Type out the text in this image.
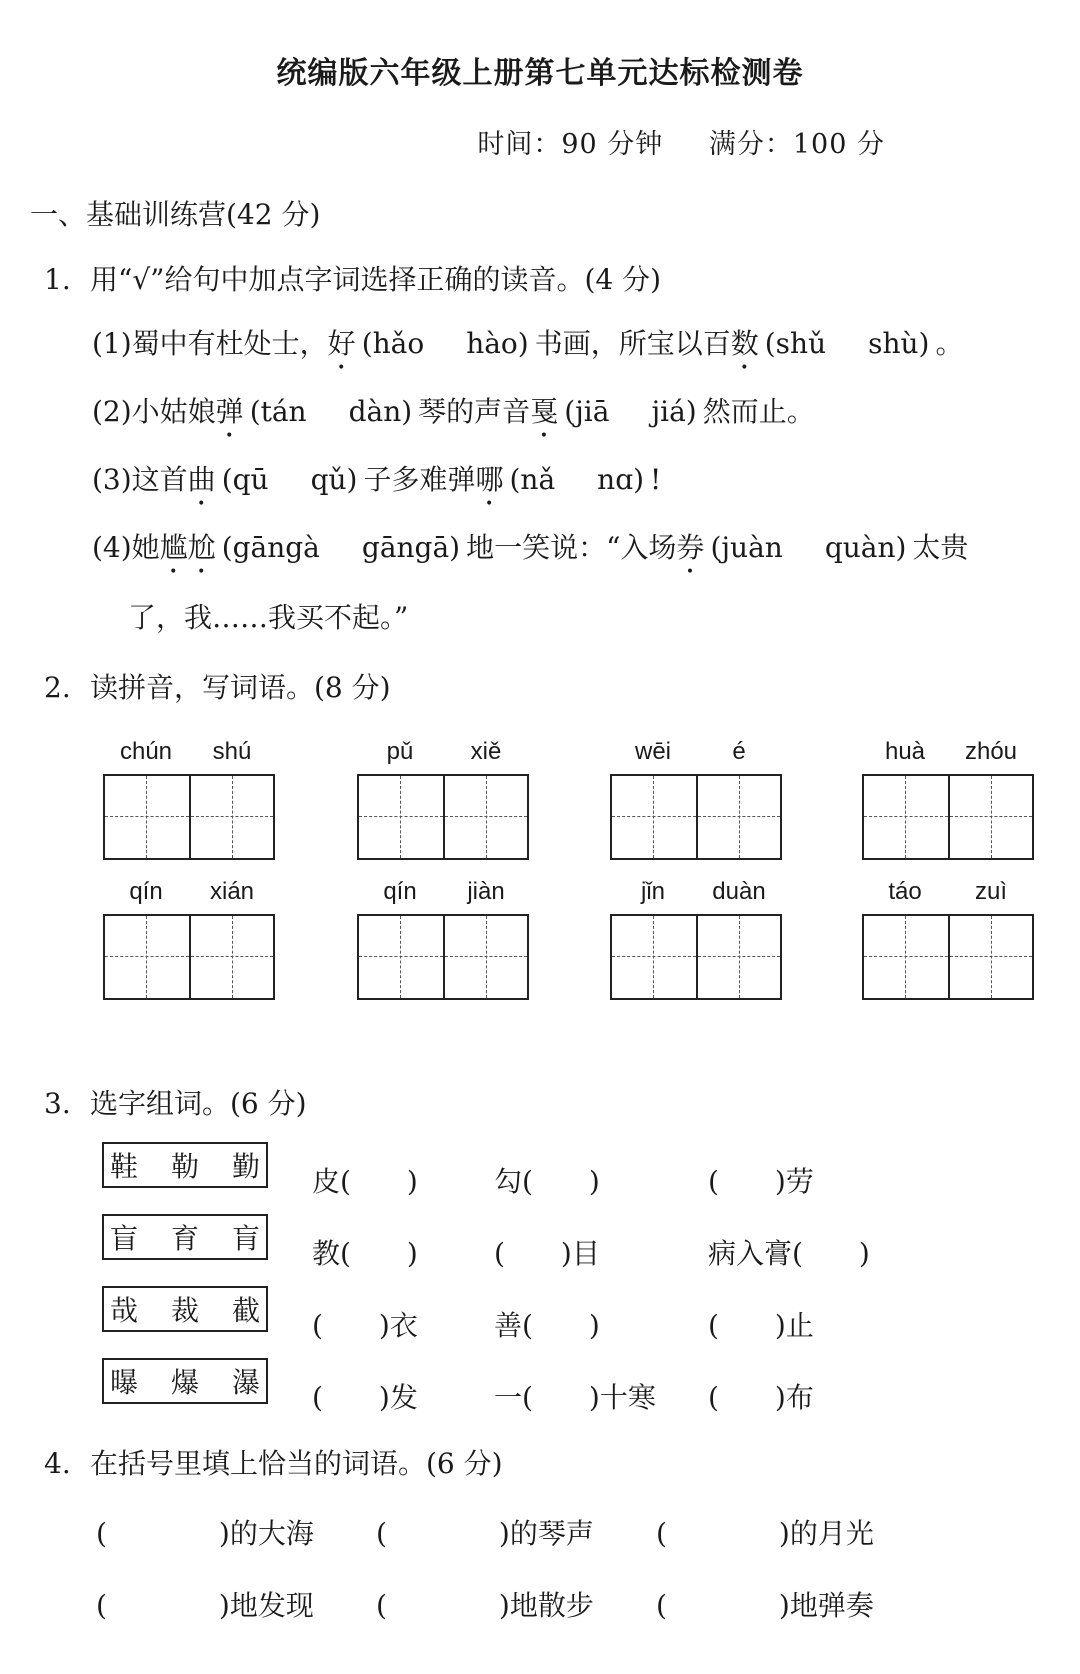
统编版六年级上册第七单元达标检测卷
时间：90 分钟 满分：100 分
一、基础训练营(42 分)
1. 用“√”给句中加点字词选择正确的读音。(4 分)
(1)蜀中有杜处士，好 (hǎo hào) 书画，所宝以百数 (shǔ shù) 。
(2)小姑娘弹 (tán dàn) 琴的声音戛 (jiā jiá) 然而止。
(3)这首曲 (qū qǔ) 子多难弹哪 (nǎ nɑ) !
(4)她尴尬 (gāngà gāngā) 地一笑说：“入场券 (juàn quàn) 太贵
了，我……我买不起。”
2. 读拼音，写词语。(8 分)
chún	shú	pǔ	xiě	wēi	é	huà	zhóu
qín	xián	qín	jiàn	jǐn	duàn	táo	zuì
3. 选字组词。(6 分)
鞋 勒 勤 皮(　　)	勾(　　)	(　　)劳
盲 育 肓 教(　　)	(　　)目	病入膏(　　)
哉 裁 截 (　　)衣	善(　　)	(　　)止
曝 爆 瀑 (　　)发	一(　　)十寒 (　　)布
4. 在括号里填上恰当的词语。(6 分)
(　　　　)的大海 (　　　　)的琴声 (　　　　)的月光
(　　　　)地发现 (　　　　)地散步 (　　　　)地弹奏
